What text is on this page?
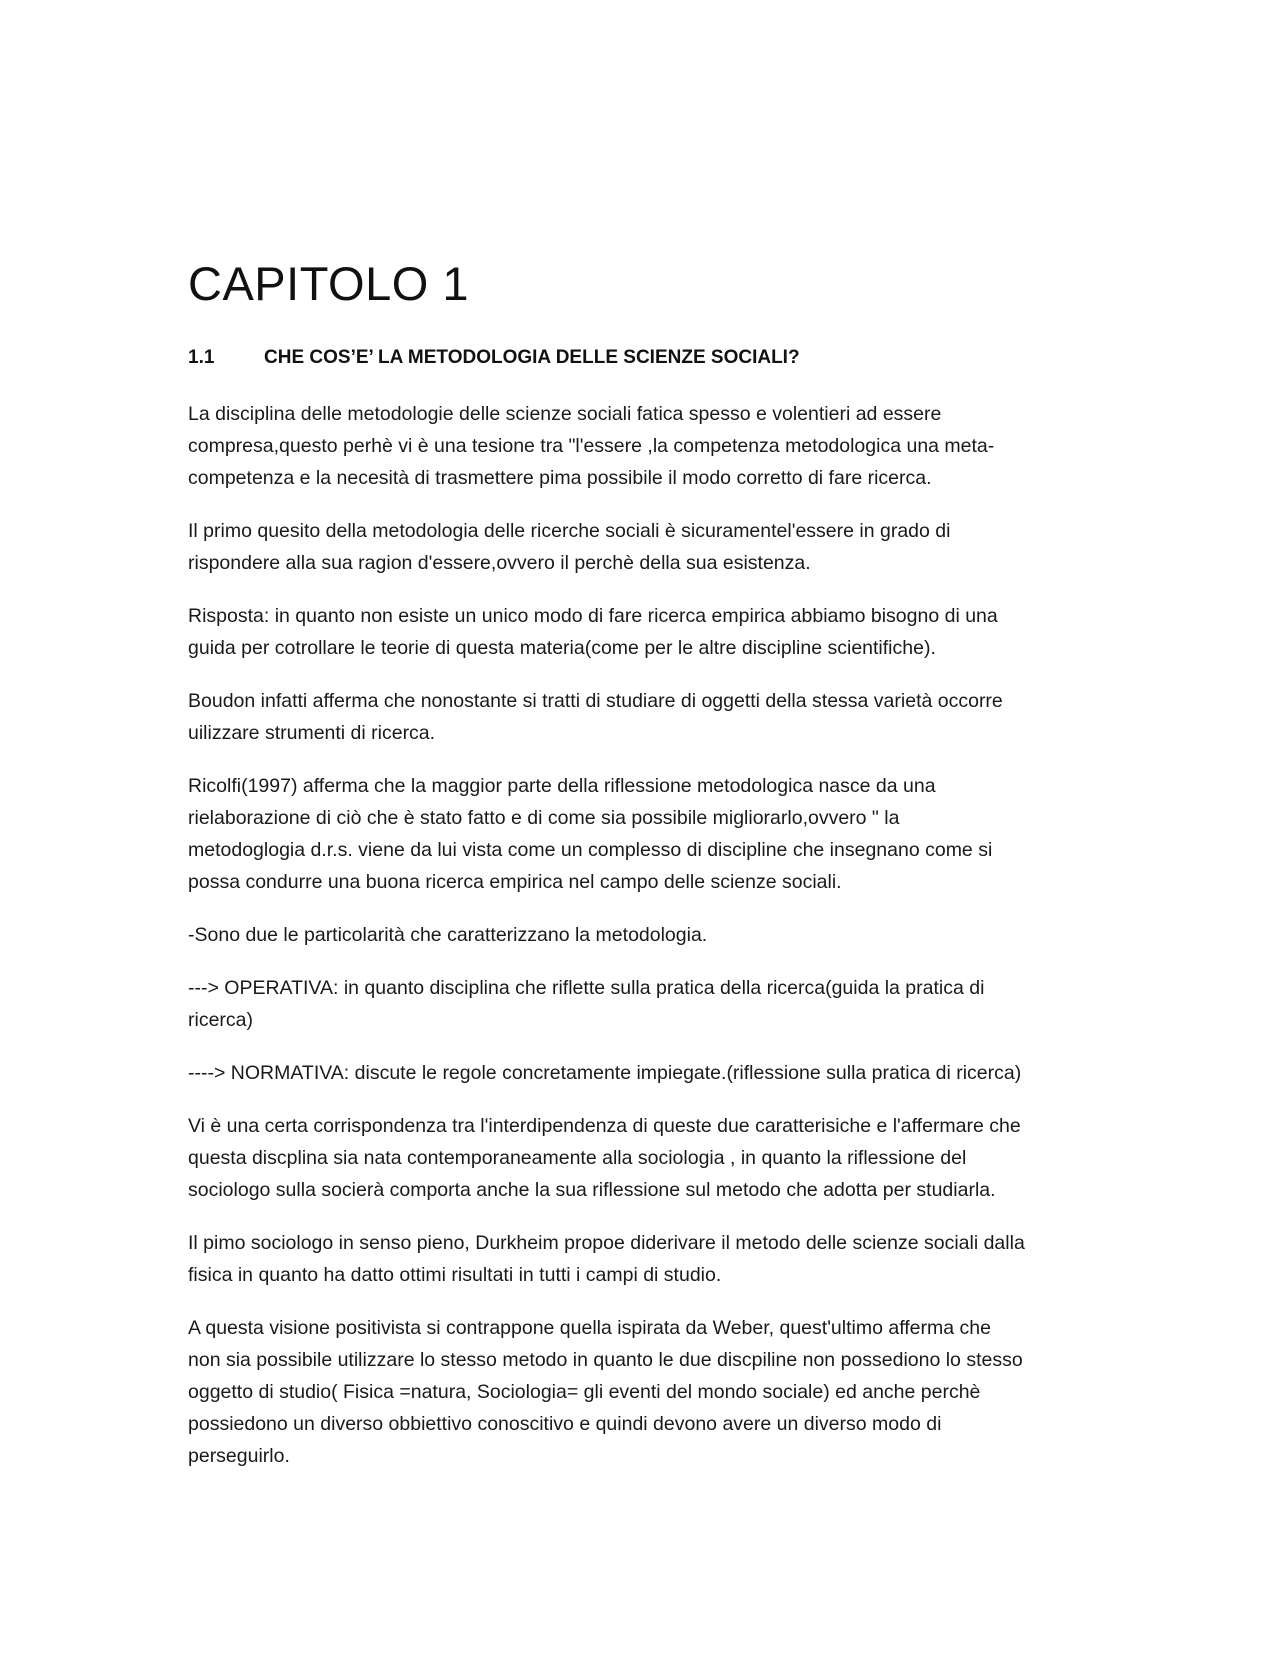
CAPITOLO 1
1.1	CHE COS’E’ LA METODOLOGIA DELLE SCIENZE SOCIALI?

La disciplina delle metodologie delle scienze sociali fatica spesso e volentieri ad essere
compresa,questo perhè vi è una tesione tra "l'essere ,la competenza metodologica una meta-
competenza e la necesità di trasmettere pima possibile il modo corretto di fare ricerca.

Il primo quesito della metodologia delle ricerche sociali è sicuramentel'essere in grado di
rispondere alla sua ragion d'essere,ovvero il perchè della sua esistenza.

Risposta: in quanto non esiste un unico modo di fare ricerca empirica abbiamo bisogno di una
guida per cotrollare le teorie di questa materia(come per le altre discipline scientifiche).

Boudon infatti afferma che nonostante si tratti di studiare di oggetti della stessa varietà occorre
uilizzare strumenti di ricerca.

Ricolfi(1997) afferma che la maggior parte della riflessione metodologica nasce da una
rielaborazione di ciò che è stato fatto e di come sia possibile migliorarlo,ovvero " la
metodoglogia d.r.s. viene da lui vista come un complesso di discipline che insegnano come si
possa condurre una buona ricerca empirica nel campo delle scienze sociali.

-Sono due le particolarità che caratterizzano la metodologia.

---> OPERATIVA: in quanto disciplina che riflette sulla pratica della ricerca(guida la pratica di
ricerca)

----> NORMATIVA: discute le regole concretamente impiegate.(riflessione sulla pratica di ricerca)

Vi è una certa corrispondenza tra l'interdipendenza di queste due caratterisiche e l'affermare che
questa discplina sia nata contemporaneamente alla sociologia , in quanto la riflessione del
sociologo sulla socierà comporta anche la sua riflessione sul metodo che adotta per studiarla.

Il pimo sociologo in senso pieno, Durkheim propoe diderivare il metodo delle scienze sociali dalla
fisica in quanto ha datto ottimi risultati in tutti i campi di studio.

A questa visione positivista si contrappone quella ispirata da Weber, quest'ultimo afferma che
non sia possibile utilizzare lo stesso metodo in quanto le due discpiline non possediono lo stesso
oggetto di studio( Fisica =natura, Sociologia= gli eventi del mondo sociale) ed anche perchè
possiedono un diverso obbiettivo conoscitivo e quindi devono avere un diverso modo di
perseguirlo.
